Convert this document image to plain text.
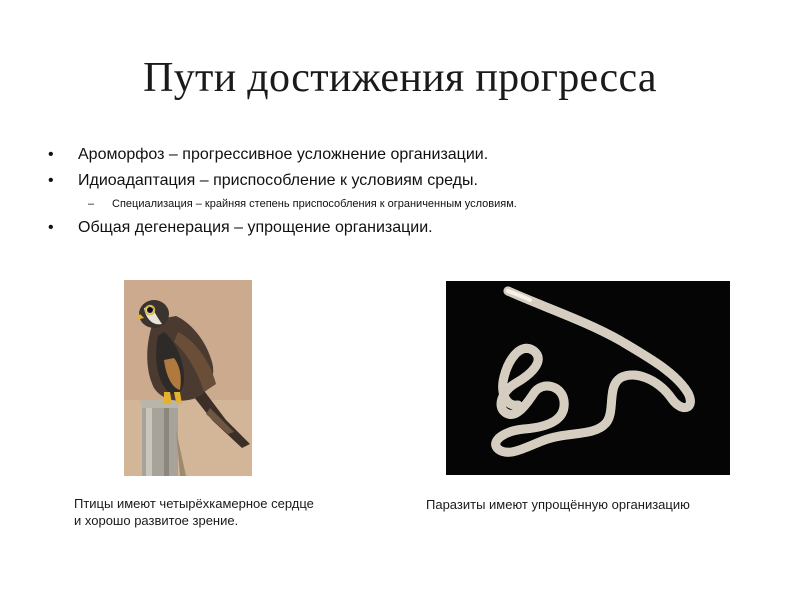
Пути достижения прогресса
• Ароморфоз – прогрессивное усложнение организации.
• Идиоадаптация – приспособление к условиям среды.
– Специализация – крайняя степень приспособления к ограниченным условиям.
• Общая дегенерация – упрощение организации.
Птицы имеют четырёхкамерное сердце
и хорошо развитое зрение.
Паразиты имеют упрощённую организацию
